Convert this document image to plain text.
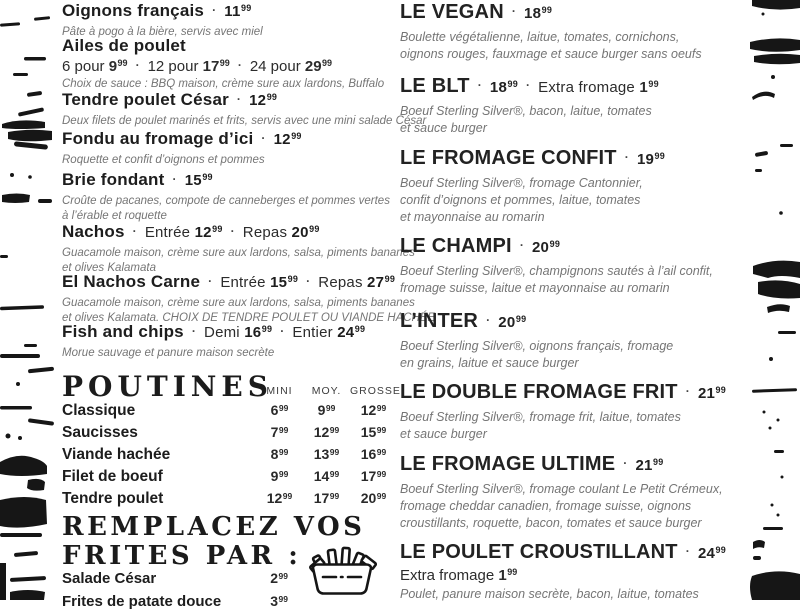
Oignons français · $11^{99}$
Pâte à pogo à la bière, servis avec miel
Ailes de poulet
6 pour $9^{99} \cdot 12$ pour $17^{99} \cdot 24$ pour $29^{99}$
Choix de sauce : BBQ maison, crème sure aux lardons, Buffalo
Tendre poulet César · $12^{99}$
Deux filets de poulet marinés et frits, servis avec une mini salade César
Fondu au fromage d’ici · $12^{99}$
Roquette et confit d’oignons et pommes
Brie fondant · $15^{99}$
Croûte de pacanes, compote de canneberges et pommes vertes
à l’érable et roquette
Nachos · Entrée $12^{99}$ · Repas $20^{99}$
Guacamole maison, crème sure aux lardons, salsa, piments bananes
et olives Kalamata
El Nachos Carne · Entrée $15^{99}$ · Repas $27^{99}$
Guacamole maison, crème sure aux lardons, salsa, piments bananes
et olives Kalamata. CHOIX DE TENDRE POULET OU VIANDE HACHÉE
Fish and chips · Demi $16^{99}$ · Entier $24^{99}$
Morue sauvage et panure maison secrète
POUTINES
MINI	MOY. GROSSE
Classique	$6^{99}$	$9^{99}$	$12^{99}$
Saucisses	$7^{99}$	$12^{99}$	$15^{99}$
Viande hachée	$8^{99}$	$13^{99}$	$16^{99}$
Filet de boeuf	$9^{99}$	$14^{99}$	$17^{99}$
Tendre poulet	$12^{99}$	$17^{99}$	$20^{99}$
REMPLACEZ VOS
FRITES PAR :
Salade César	$2^{99}$
Frites de patate douce	$3^{99}$
LE VEGAN · $18^{99}$
Boulette végétalienne, laitue, tomates, cornichons,
oignons rouges, fauxmage et sauce burger sans oeufs
LE BLT · $18^{99}$ · Extra fromage $1^{99}$
Boeuf Sterling Silver®, bacon, laitue, tomates
et sauce burger
LE FROMAGE CONFIT · $19^{99}$
Boeuf Sterling Silver®, fromage Cantonnier,
confit d’oignons et pommes, laitue, tomates
et mayonnaise au romarin
LE CHAMPI · $20^{99}$
Boeuf Sterling Silver®, champignons sautés à l’ail confit,
fromage suisse, laitue et mayonnaise au romarin
L’INTER · $20^{99}$
Boeuf Sterling Silver®, oignons français, fromage
en grains, laitue et sauce burger
LE DOUBLE FROMAGE FRIT · $21^{99}$
Boeuf Sterling Silver®, fromage frit, laitue, tomates
et sauce burger
LE FROMAGE ULTIME · $21^{99}$
Boeuf Sterling Silver®, fromage coulant Le Petit Crémeux,
fromage cheddar canadien, fromage suisse, oignons
croustillants, roquette, bacon, tomates et sauce burger
LE POULET CROUSTILLANT · $24^{99}$
Extra fromage $1^{99}$
Poulet, panure maison secrète, bacon, laitue, tomates
